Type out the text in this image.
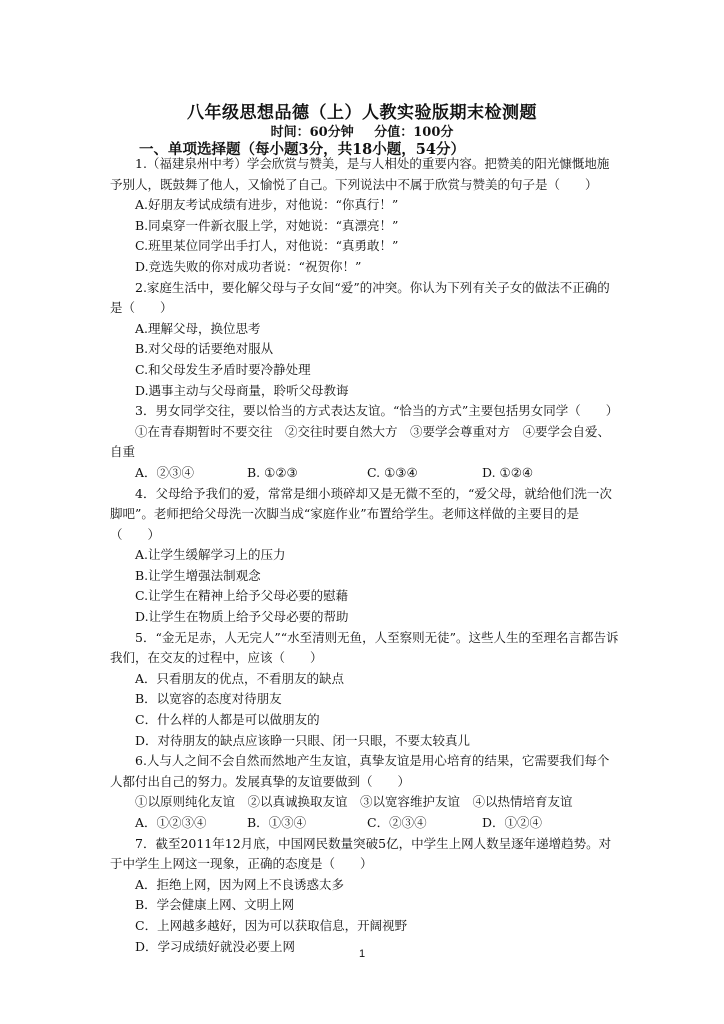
八年级思想品德（上）人教实验版期末检测题
时间：60分钟 分值：100分
一、单项选择题（每小题3分，共18小题，54分）

1.（福建泉州中考）学会欣赏与赞美，是与人相处的重要内容。把赞美的阳光慷慨地施予别人，既鼓舞了他人，又愉悦了自己。下列说法中不属于欣赏与赞美的句子是（　　）

A.好朋友考试成绩有进步，对他说：“你真行！”

B.同桌穿一件新衣服上学，对她说：“真漂亮！”

C.班里某位同学出手打人，对他说：“真勇敢！”

D.竞选失败的你对成功者说：“祝贺你！”

2.家庭生活中，要化解父母与子女间“爱”的冲突。你认为下列有关子女的做法不正确的是（　　）

A.理解父母，换位思考

B.对父母的话要绝对服从

C.和父母发生矛盾时要冷静处理

D.遇事主动与父母商量，聆听父母教诲

3．男女同学交往，要以恰当的方式表达友谊。“恰当的方式”主要包括男女同学（　　）

①在青春期暂时不要交往　②交往时要自然大方　③要学会尊重对方　④要学会自爱、自重

A．②③④	B. ①②③	C. ①③④	D. ①②④

4．父母给予我们的爱，常常是细小琐碎却又是无微不至的，“爱父母，就给他们洗一次脚吧”。老师把给父母洗一次脚当成“家庭作业”布置给学生。老师这样做的主要目的是（　　）

A.让学生缓解学习上的压力

B.让学生增强法制观念

C.让学生在精神上给予父母必要的慰藉

D.让学生在物质上给予父母必要的帮助

5．“金无足赤，人无完人”“水至清则无鱼，人至察则无徒”。这些人生的至理名言都告诉我们，在交友的过程中，应该（　　）

A．只看朋友的优点，不看朋友的缺点

B．以宽容的态度对待朋友

C．什么样的人都是可以做朋友的

D．对待朋友的缺点应该睁一只眼、闭一只眼，不要太较真儿

6.人与人之间不会自然而然地产生友谊，真挚友谊是用心培育的结果，它需要我们每个人都付出自己的努力。发展真挚的友谊要做到（　　）

①以原则纯化友谊　②以真诚换取友谊　③以宽容维护友谊　④以热情培育友谊

A．①②③④	B．①③④	C．②③④	D．①②④

7．截至2011年12月底，中国网民数量突破5亿，中学生上网人数呈逐年递增趋势。对于中学生上网这一现象，正确的态度是（　　）

A．拒绝上网，因为网上不良诱惑太多

B．学会健康上网、文明上网

C．上网越多越好，因为可以获取信息，开阔视野

D．学习成绩好就没必要上网

1
